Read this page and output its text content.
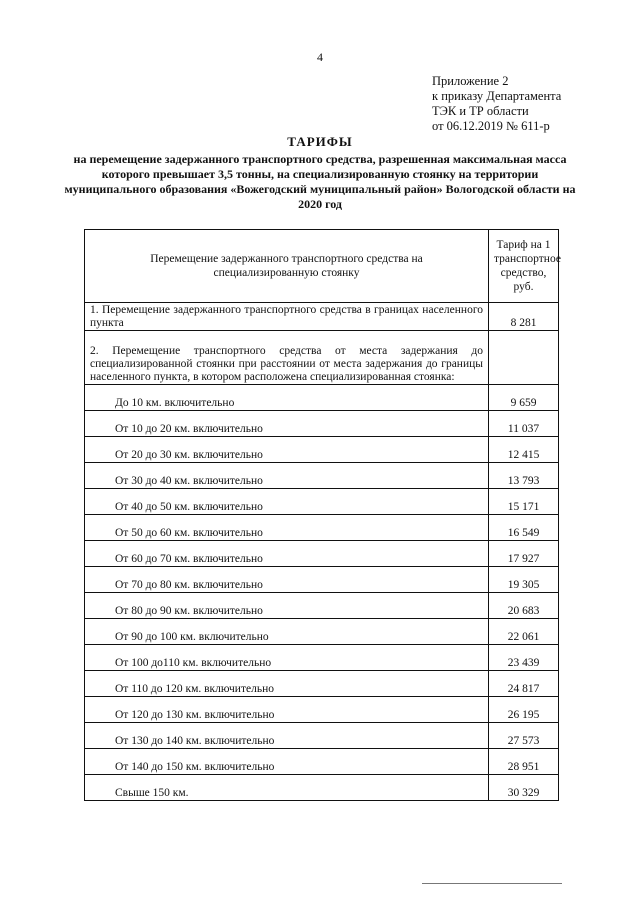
4
Приложение 2
к приказу Департамента
ТЭК и ТР области
от 06.12.2019 № 611-р
ТАРИФЫ
на перемещение задержанного транспортного средства, разрешенная максимальная масса которого превышает 3,5 тонны, на специализированную стоянку на территории муниципального образования «Вожегодский муниципальный район» Вологодской области на 2020 год
Перемещение задержанного транспортного средства на специализированную стоянку	Тариф на 1 транспортное средство, руб.
1. Перемещение задержанного транспортного средства в границах населенного пункта	8 281
2. Перемещение транспортного средства от места задержания до специализированной стоянки при расстоянии от места задержания до границы населенного пункта, в котором расположена специализированная стоянка:	
До 10 км. включительно	9 659
От 10 до 20 км. включительно	11 037
От 20 до 30 км. включительно	12 415
От 30 до 40 км. включительно	13 793
От 40 до 50 км. включительно	15 171
От 50 до 60 км. включительно	16 549
От 60 до 70 км. включительно	17 927
От 70 до 80 км. включительно	19 305
От 80 до 90 км. включительно	20 683
От 90 до 100 км. включительно	22 061
От 100 до110 км. включительно	23 439
От 110 до 120 км. включительно	24 817
От 120 до 130 км. включительно	26 195
От 130 до 140 км. включительно	27 573
От 140 до 150 км. включительно	28 951
Свыше 150 км.	30 329
